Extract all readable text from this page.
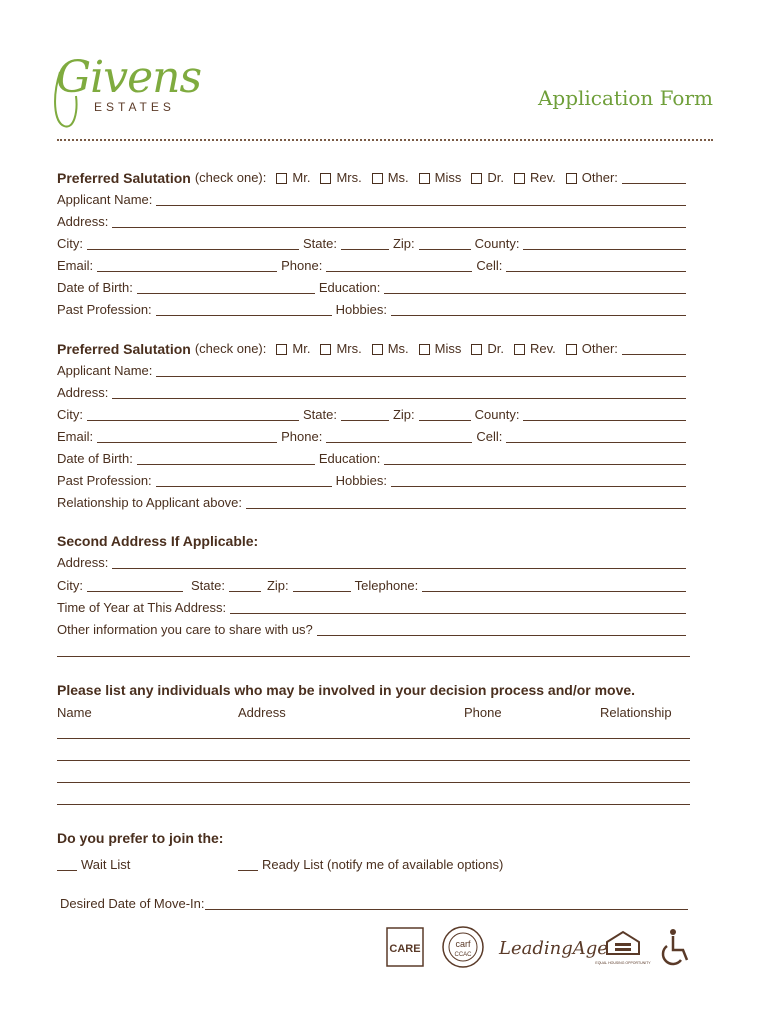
Givens
ESTATES	Application Form
Preferred Salutation (check one): Mr. Mrs. Ms. Miss Dr. Rev. Other:
Applicant Name:
Address:
City:	State:	Zip:	County:
Email:	Phone:	Cell:
Date of Birth:	Education:
Past Profession:	Hobbies:
Preferred Salutation (check one): Mr. Mrs. Ms. Miss Dr. Rev. Other:
Applicant Name:
Address:
City:	State:	Zip:	County:
Email:	Phone:	Cell:
Date of Birth:	Education:
Past Profession:	Hobbies:
Relationship to Applicant above:
Second Address If Applicable:
Address:
City:	State:	Zip:	Telephone:
Time of Year at This Address:
Other information you care to share with us?
Please list any individuals who may be involved in your decision process and/or move.
Name	Address	Phone	Relationship
Do you prefer to join the:
Wait List	Ready List (notify me of available options)
Desired Date of Move-In:
CARE	carf
CCAC LeadingAge
EQUAL HOUSING OPPORTUNITY
